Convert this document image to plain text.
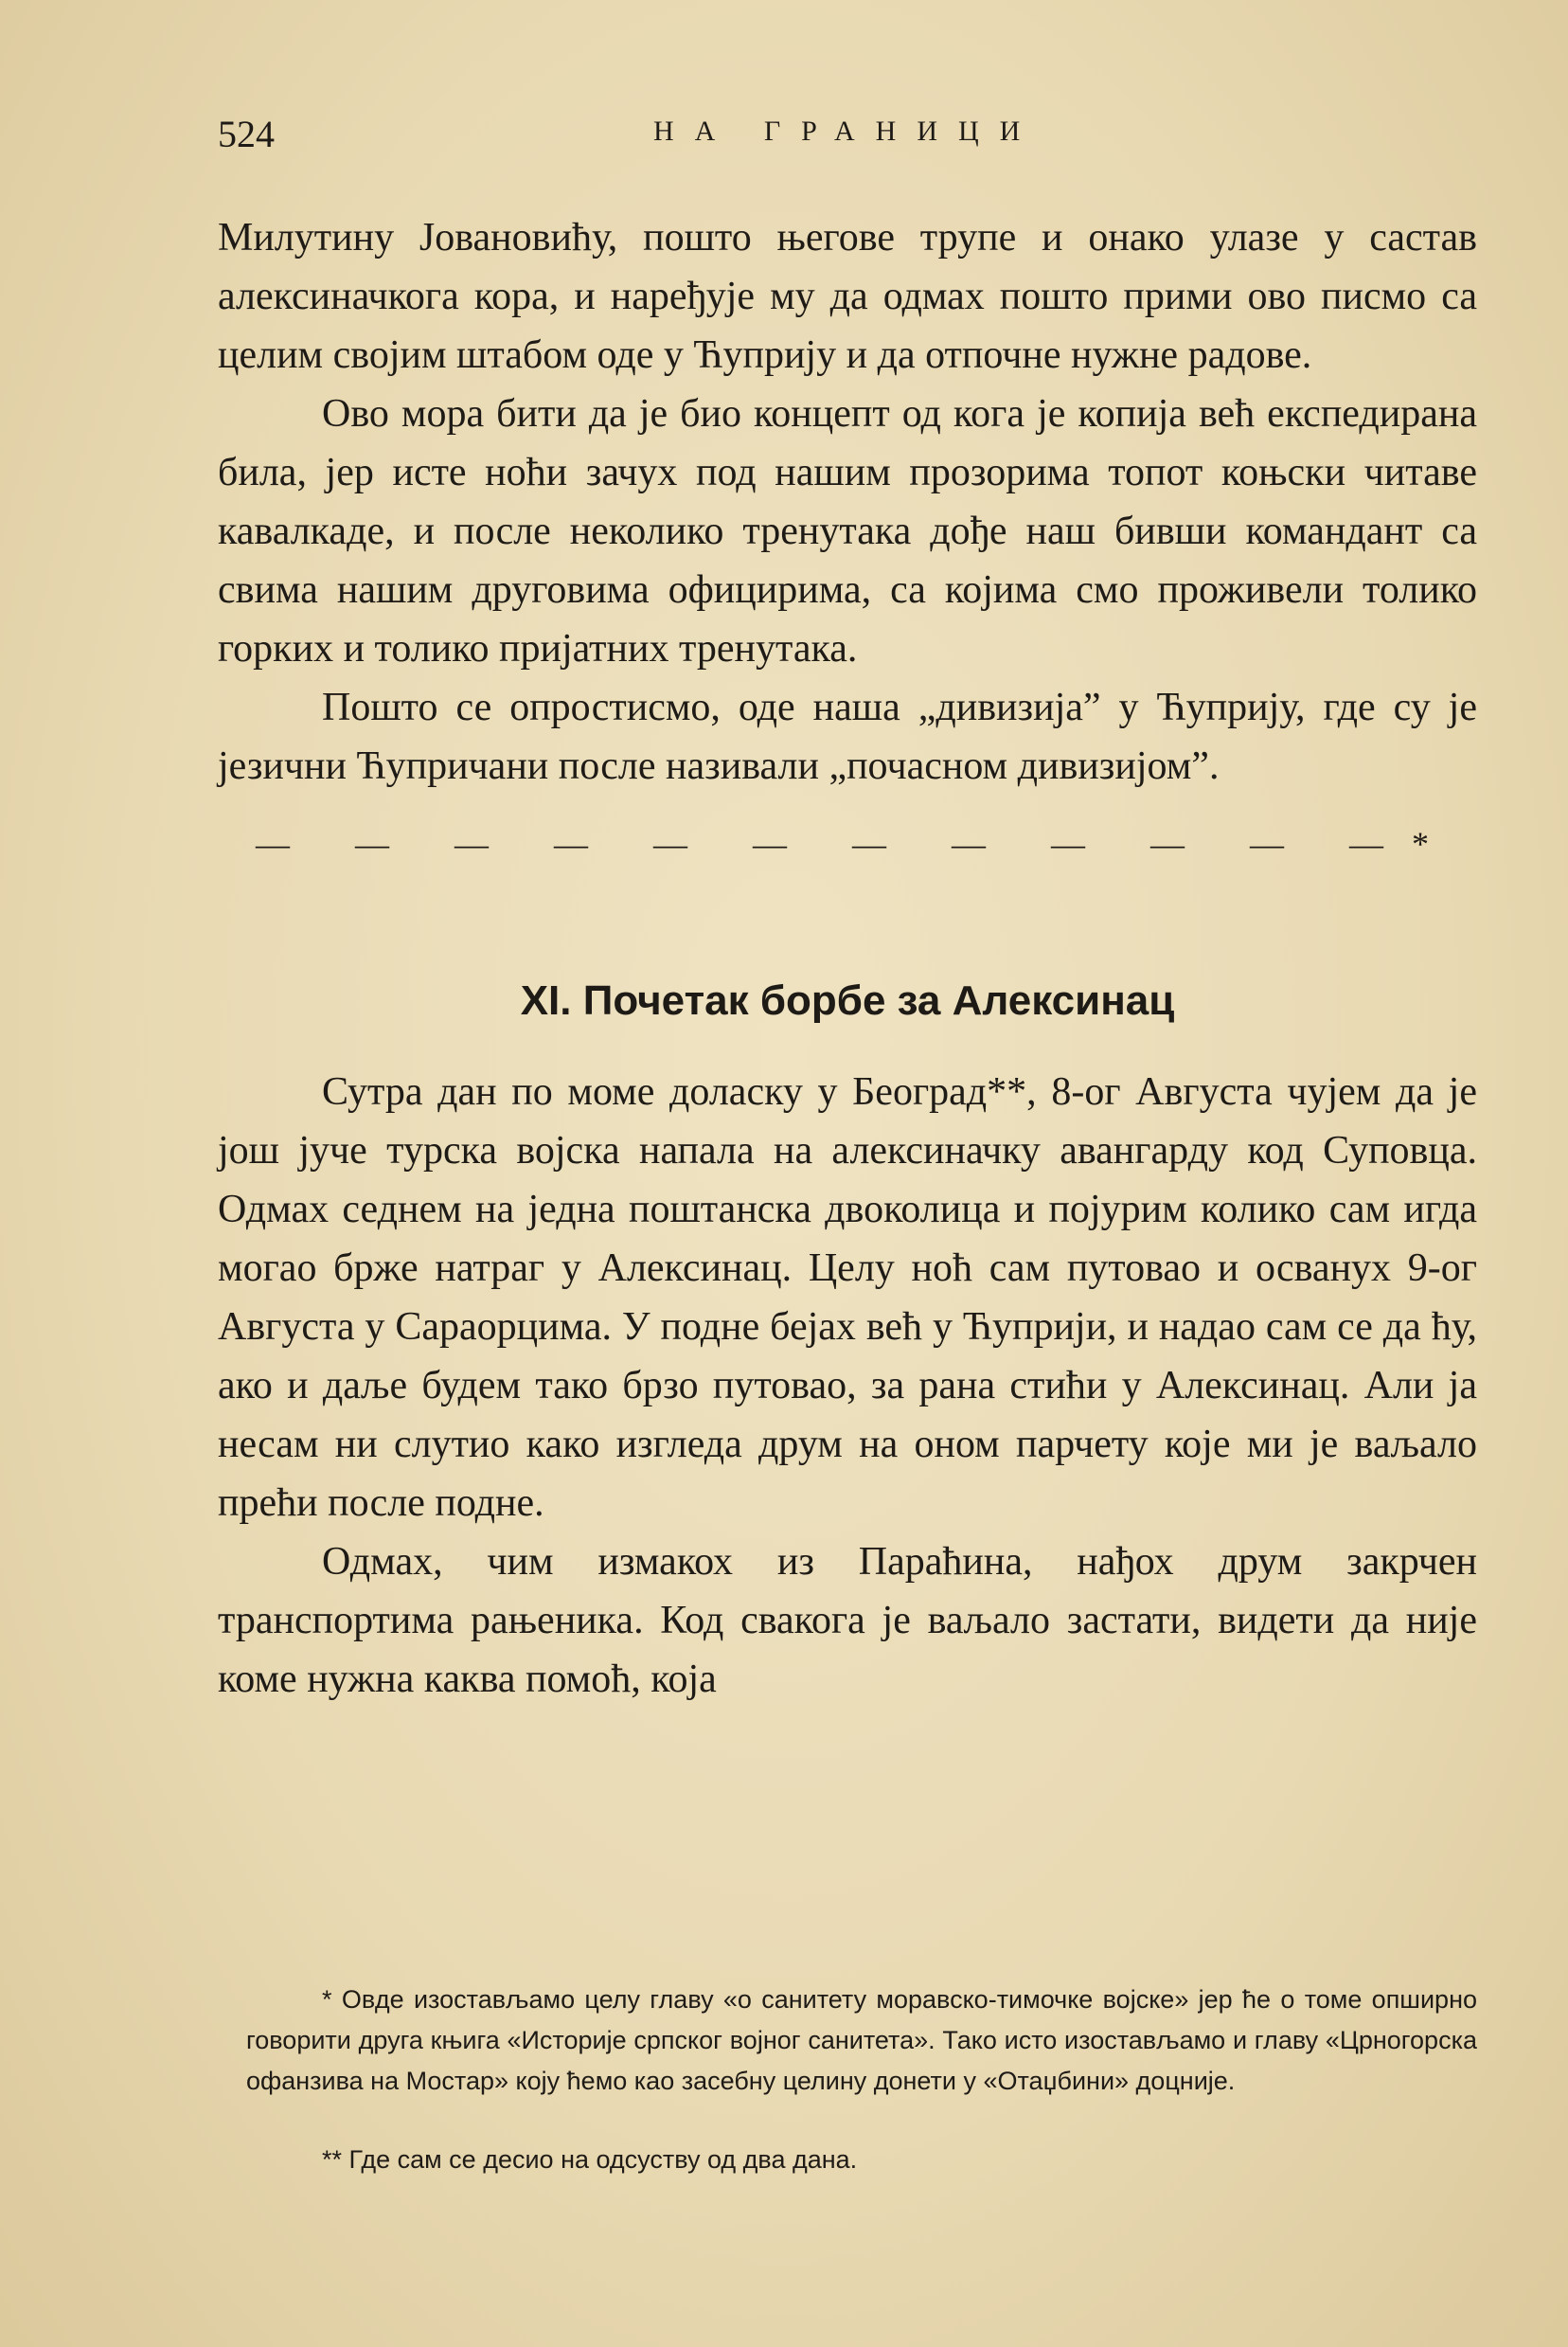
524	НА ГРАНИЦИ

Милутину Јовановићу, пошто његове трупе и онако улазе у састав алексиначкога кора, и наређује му да одмах пошто прими ово писмо са целим својим штабом оде у Ћуприју и да отпочне нужне радове.

Ово мора бити да је био концепт од кога је копија већ експедирана била, јер исте ноћи зачух под нашим прозорима топот коњски читаве кавалкаде, и после неколико тренутака дође наш бивши командант са свима нашим друговима официрима, са којима смо проживели толико горких и толико пријатних тренутака.

Пошто се опростисмо, оде наша „дивизија” у Ћуприју, где су је језични Ћупричани после називали „почасном дивизијом”.

— — — — — — — — — — — —*
XI. Почетак борбе за Алексинац

Сутра дан по моме доласку у Београд**, 8-ог Августа чујем да је још јуче турска војска напала на алексиначку авангарду код Суповца. Одмах седнем на једна поштанска двоколица и појурим колико сам игда могао брже натраг у Алексинац. Целу ноћ сам путовао и освануx 9-ог Августа у Сараорцима. У подне бејах већ у Ћуприји, и надао сам се да ћу, ако и даље будем тако брзо путовао, за рана стићи у Алексинац. Али ја несам ни слутио како изгледа друм на оном парчету које ми је ваљало прећи после подне.

Одмах, чим измакох из Параћина, нађох друм закрчен транспортима рањеника. Код свакога је ваљало застати, видети да није коме нужна каква помоћ, која

* Овде изостављамо целу главу «о санитету моравско-тимочке војске» јер ће о томе опширно говорити друга књига «Историје српског војног санитета». Тако исто изостављамо и главу «Црногорска офанзива на Мостар» коју ћемо као засебну целину донети у «Отаџбини» доцније.

** Где сам се десио на одсуству од два дана.
